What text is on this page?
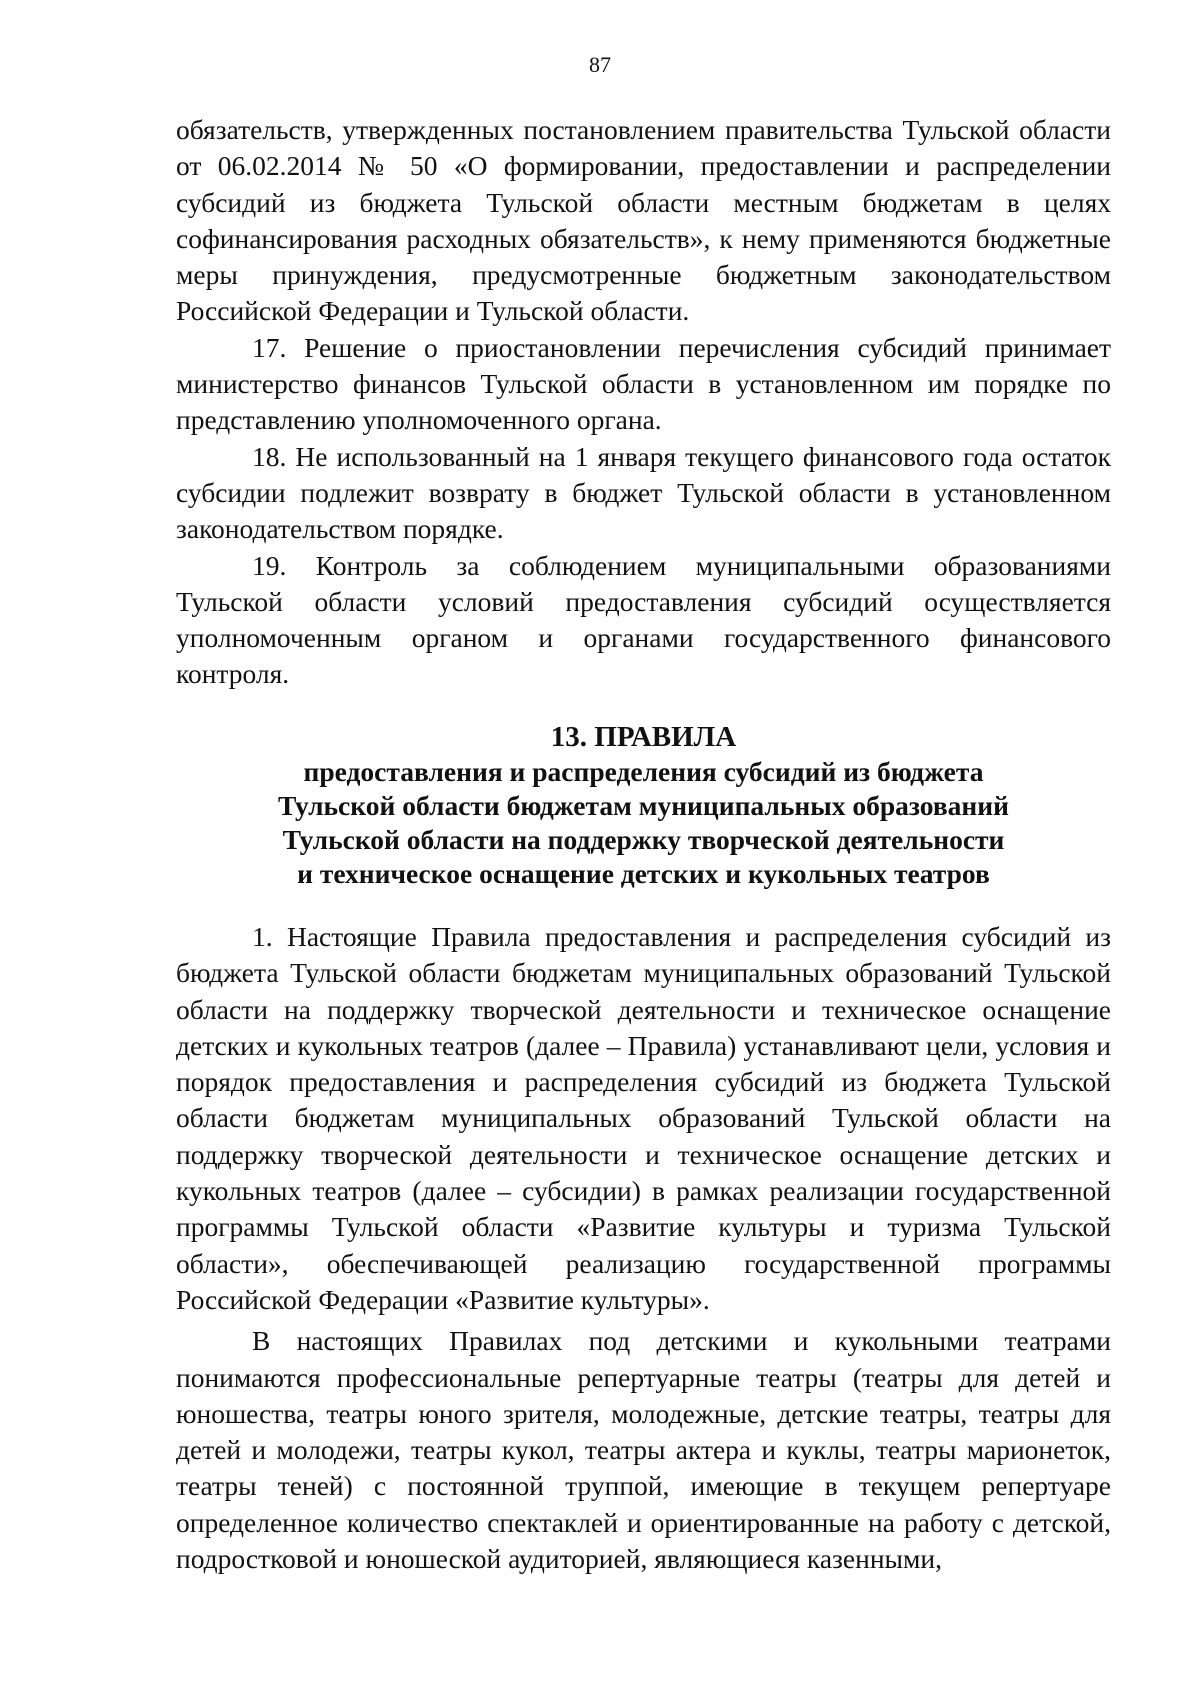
87

обязательств, утвержденных постановлением правительства Тульской области от 06.02.2014 № 50 «О формировании, предоставлении и распределении субсидий из бюджета Тульской области местным бюджетам в целях софинансирования расходных обязательств», к нему применяются бюджетные меры принуждения, предусмотренные бюджетным законодательством Российской Федерации и Тульской области.

17. Решение о приостановлении перечисления субсидий принимает министерство финансов Тульской области в установленном им порядке по представлению уполномоченного органа.

18. Не использованный на 1 января текущего финансового года остаток субсидии подлежит возврату в бюджет Тульской области в установленном законодательством порядке.

19. Контроль за соблюдением муниципальными образованиями Тульской области условий предоставления субсидий осуществляется уполномоченным органом и органами государственного финансового контроля.

13. ПРАВИЛА
предоставления и распределения субсидий из бюджета
Тульской области бюджетам муниципальных образований
Тульской области на поддержку творческой деятельности
и техническое оснащение детских и кукольных театров

1. Настоящие Правила предоставления и распределения субсидий из бюджета Тульской области бюджетам муниципальных образований Тульской области на поддержку творческой деятельности и техническое оснащение детских и кукольных театров (далее – Правила) устанавливают цели, условия и порядок предоставления и распределения субсидий из бюджета Тульской области бюджетам муниципальных образований Тульской области на поддержку творческой деятельности и техническое оснащение детских и кукольных театров (далее – субсидии) в рамках реализации государственной программы Тульской области «Развитие культуры и туризма Тульской области», обеспечивающей реализацию государственной программы Российской Федерации «Развитие культуры».

В настоящих Правилах под детскими и кукольными театрами понимаются профессиональные репертуарные театры (театры для детей и юношества, театры юного зрителя, молодежные, детские театры, театры для детей и молодежи, театры кукол, театры актера и куклы, театры марионеток, театры теней) с постоянной труппой, имеющие в текущем репертуаре определенное количество спектаклей и ориентированные на работу с детской, подростковой и юношеской аудиторией, являющиеся казенными,
